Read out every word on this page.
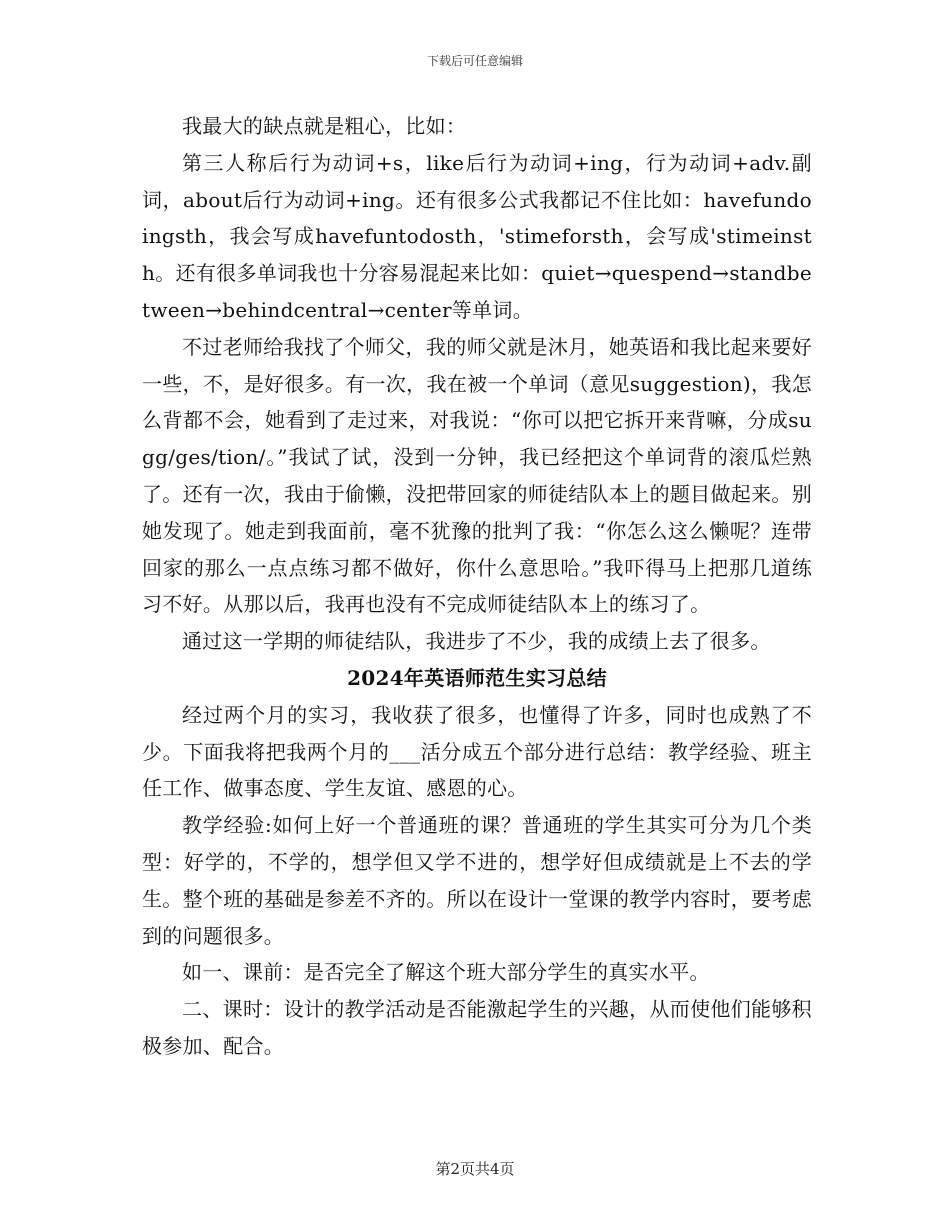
下载后可任意编辑

我最大的缺点就是粗心，比如：

第三人称后行为动词+s，like后行为动词+ing，行为动词+adv.副词，about后行为动词+ing。还有很多公式我都记不住比如：havefundoingsth，我会写成havefuntodosth，'stimeforsth，会写成'stimeinsth。还有很多单词我也十分容易混起来比如：quiet→quespend→standbetween→behindcentral→center等单词。

不过老师给我找了个师父，我的师父就是沐月，她英语和我比起来要好一些，不，是好很多。有一次，我在被一个单词（意见suggestion)，我怎么背都不会，她看到了走过来，对我说：“你可以把它拆开来背嘛，分成sugg/ges/tion/。”我试了试，没到一分钟，我已经把这个单词背的滚瓜烂熟了。还有一次，我由于偷懒，没把带回家的师徒结队本上的题目做起来。别她发现了。她走到我面前，毫不犹豫的批判了我：“你怎么这么懒呢？连带回家的那么一点点练习都不做好，你什么意思哈。”我吓得马上把那几道练习不好。从那以后，我再也没有不完成师徒结队本上的练习了。

通过这一学期的师徒结队，我进步了不少，我的成绩上去了很多。

2024年英语师范生实习总结

经过两个月的实习，我收获了很多，也懂得了许多，同时也成熟了不少。下面我将把我两个月的___活分成五个部分进行总结：教学经验、班主任工作、做事态度、学生友谊、感恩的心。

教学经验:如何上好一个普通班的课？普通班的学生其实可分为几个类型：好学的，不学的，想学但又学不进的，想学好但成绩就是上不去的学生。整个班的基础是参差不齐的。所以在设计一堂课的教学内容时，要考虑到的问题很多。

如一、课前：是否完全了解这个班大部分学生的真实水平。

二、课时：设计的教学活动是否能激起学生的兴趣，从而使他们能够积极参加、配合。

第2页共4页
